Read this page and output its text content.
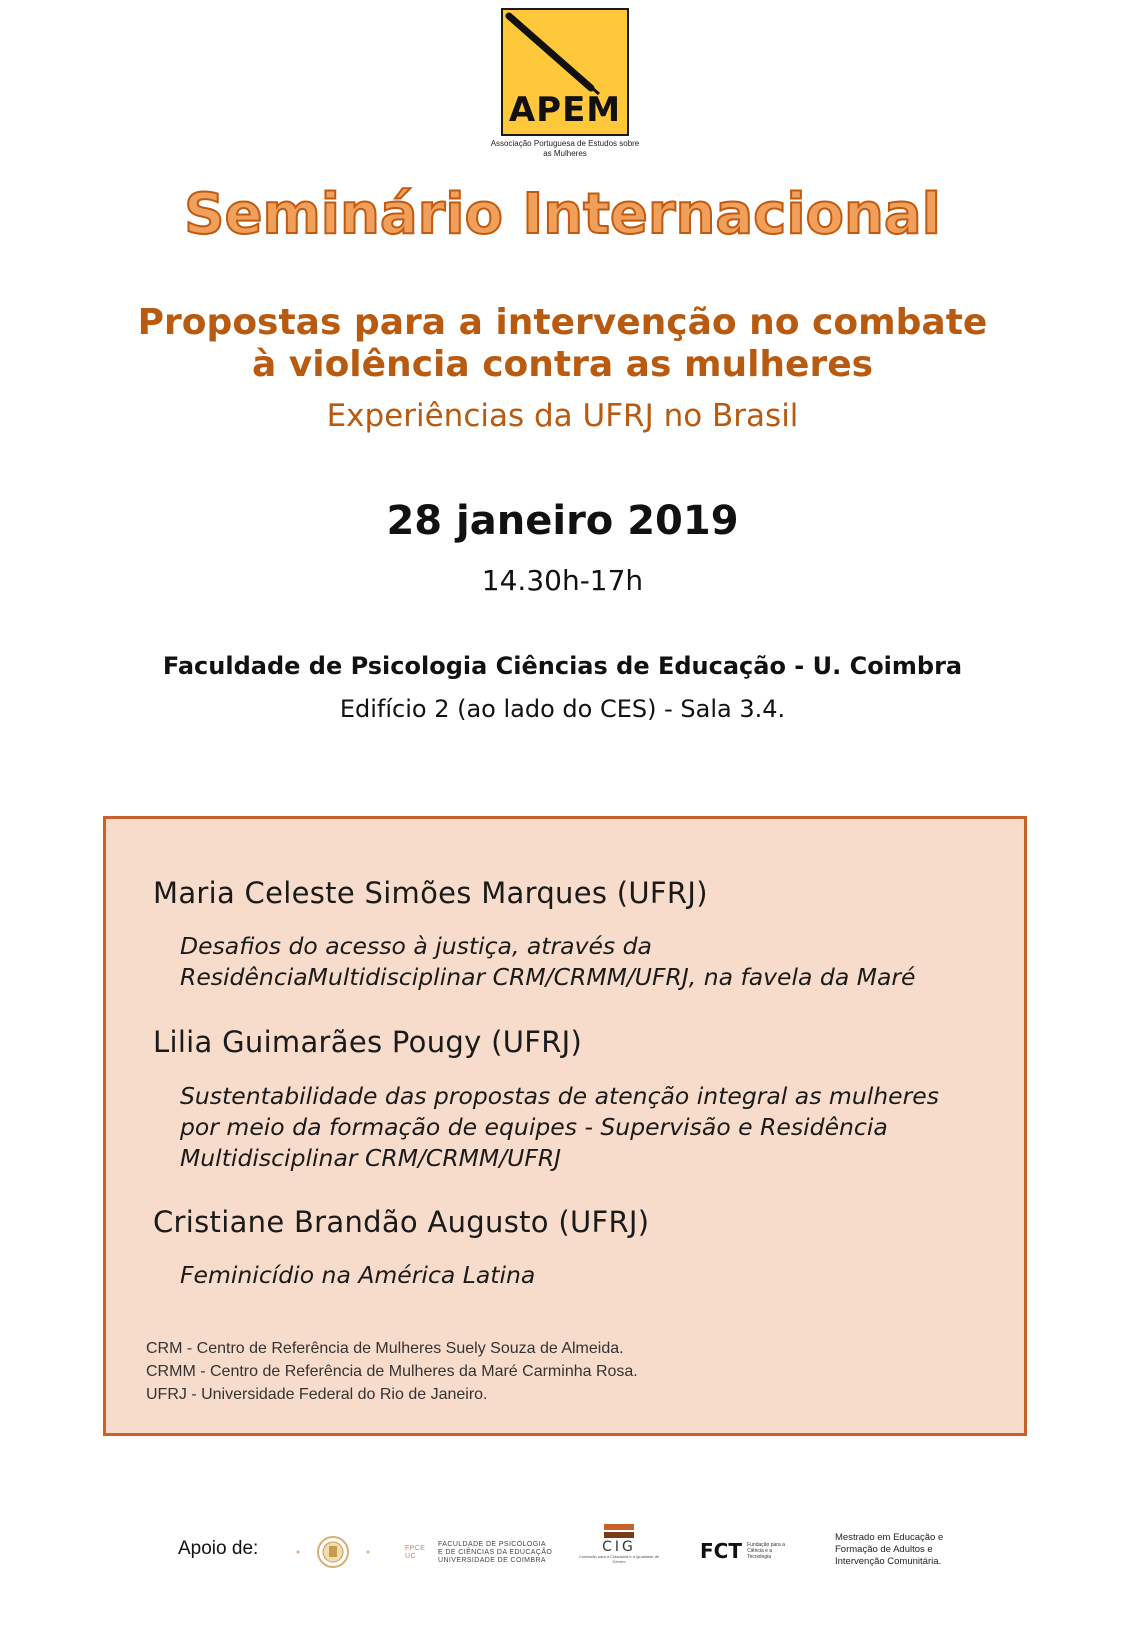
APEM
Associação Portuguesa de Estudos sobre as Mulheres
Seminário Internacional
Propostas para a intervenção no combate
à violência contra as mulheres
Experiências da UFRJ no Brasil
28 janeiro 2019
14.30h-17h
Faculdade de Psicologia Ciências de Educação - U. Coimbra
Edifício 2 (ao lado do CES) - Sala 3.4.
Maria Celeste Simões Marques (UFRJ)
Desafios do acesso à justiça, através da
ResidênciaMultidisciplinar CRM/CRMM/UFRJ, na favela da Maré
Lilia Guimarães Pougy (UFRJ)
Sustentabilidade das propostas de atenção integral as mulheres
por meio da formação de equipes - Supervisão e Residência
Multidisciplinar CRM/CRMM/UFRJ
Cristiane Brandão Augusto (UFRJ)
Feminicídio na América Latina
CRM - Centro de Referência de Mulheres Suely Souza de Almeida.
CRMM - Centro de Referência de Mulheres da Maré Carminha Rosa.
UFRJ - Universidade Federal do Rio de Janeiro.
Apoio de:	FPCE UC
FACULDADE DE PSICOLOGIA
E DE CIÊNCIAS DA EDUCAÇÃO
UNIVERSIDADE DE COIMBRA
CIG
Comissão para a Cidadania e a Igualdade de Género	FCT Fundação para a Ciência e a Tecnologia
Mestrado em Educação e
Formação de Adultos e
Intervenção Comunitária.
